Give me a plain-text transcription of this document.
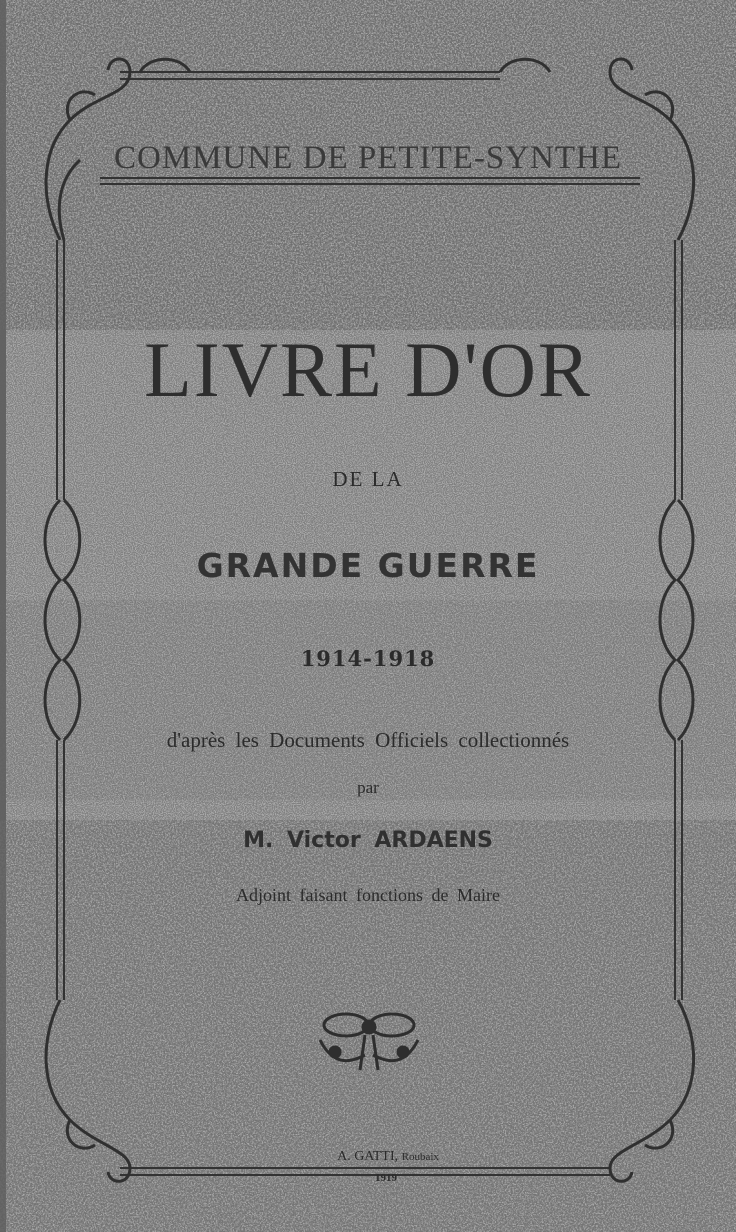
COMMUNE DE PETITE-SYNTHE
LIVRE D'OR
DE LA
GRANDE GUERRE
1914-1918
d'après les Documents Officiels collectionnés
par
M. Victor ARDAENS
Adjoint faisant fonctions de Maire
A. GATTI, Roubaix
1919
